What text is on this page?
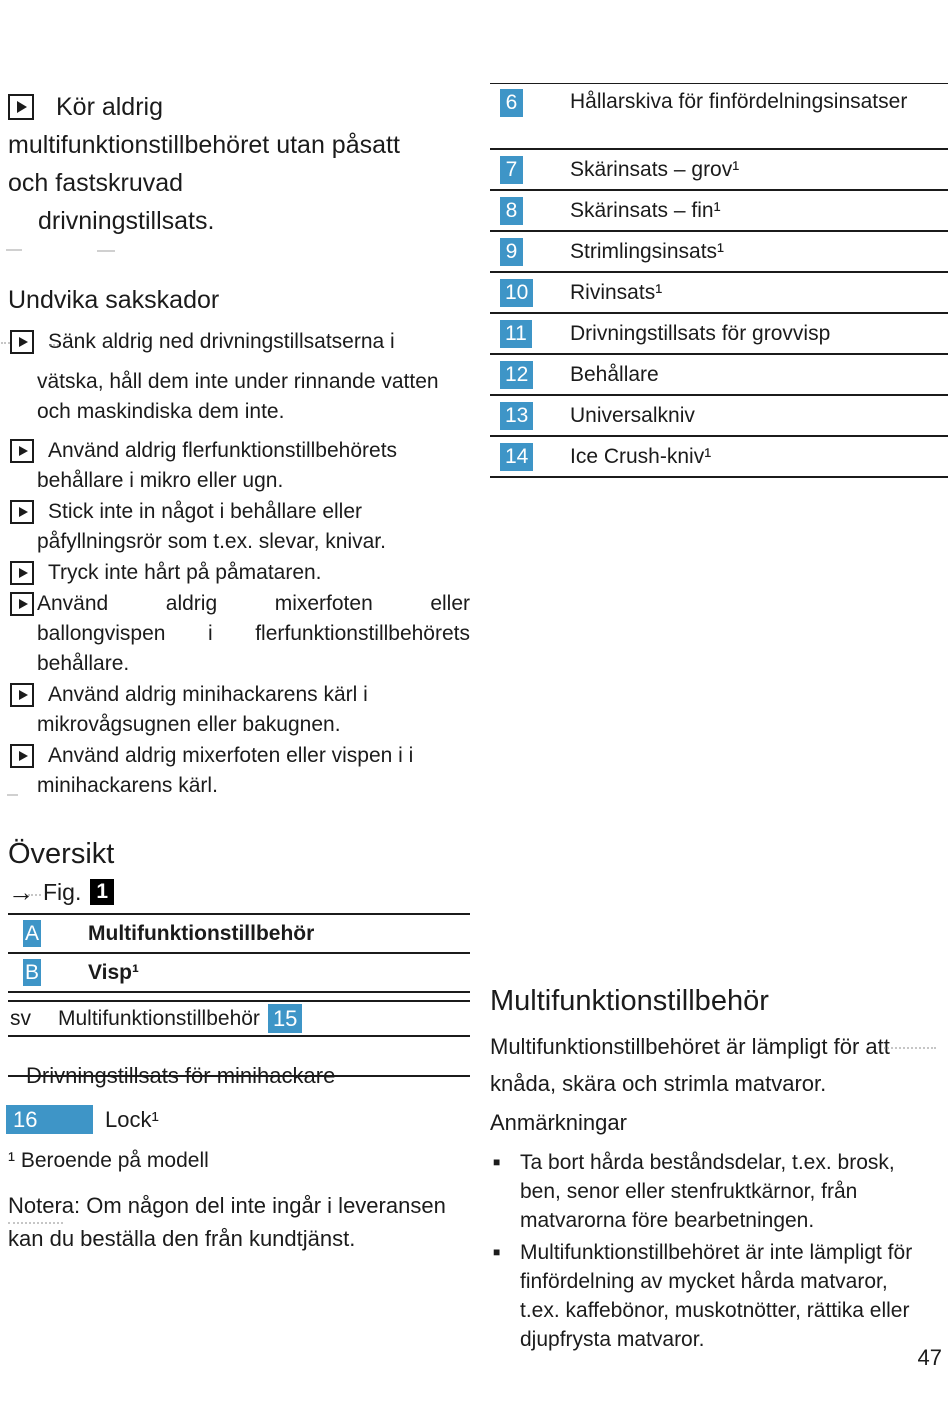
Kör aldrig
multifunktionstillbehöret utan påsatt
och fastskruvad
drivningstillsats.
Undvika sakskador
Sänk aldrig ned drivningstillsatserna i
vätska, håll dem inte under rinnande vatten
och maskindiska dem inte.
Använd aldrig flerfunktionstillbehörets
behållare i mikro eller ugn.
Stick inte in något i behållare eller
påfyllningsrör som t.ex. slevar, knivar.
Tryck inte hårt på påmataren.
Använd aldrig mixerfoten eller
ballongvispen i flerfunktionstillbehörets
behållare.
Använd aldrig minihackarens kärl i
mikrovågsugnen eller bakugnen.
Använd aldrig mixerfoten eller vispen i i
minihackarens kärl.
Översikt
→ Fig. 1
A Multifunktionstillbehör
B Visp¹
sv Multifunktionstillbehör 15
Drivningstillsats för minihackare
16	Lock¹
¹ Beroende på modell
Notera: Om någon del inte ingår i leveransen
kan du beställa den från kundtjänst.
6	Hållarskiva för finfördelningsinsatser
7	Skärinsats – grov¹
8	Skärinsats – fin¹
9	Strimlingsinsats¹
10 Rivinsats¹
11 Drivningstillsats för grovvisp
12 Behållare
13 Universalkniv
14 Ice Crush-kniv¹
Multifunktionstillbehör
Multifunktionstillbehöret är lämpligt för att
knåda, skära och strimla matvaror.
Anmärkningar
■ Ta bort hårda beståndsdelar, t.ex. brosk,
ben, senor eller stenfruktkärnor, från
matvarorna före bearbetningen.
■ Multifunktionstillbehöret är inte lämpligt för
finfördelning av mycket hårda matvaror,
t.ex. kaffebönor, muskotnötter, rättika eller
djupfrysta matvaror.
47
